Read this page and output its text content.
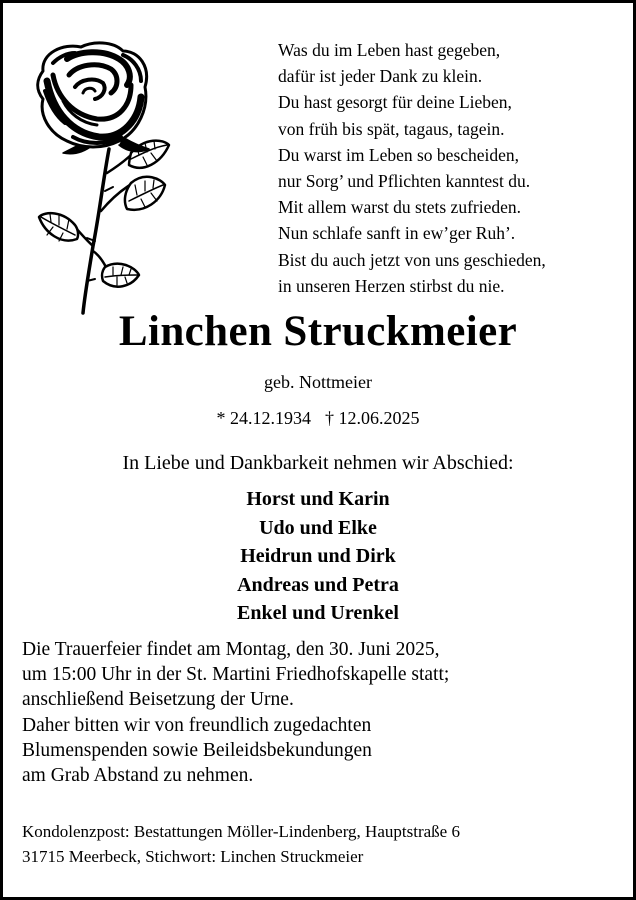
Was du im Leben hast gegeben,
dafür ist jeder Dank zu klein.
Du hast gesorgt für deine Lieben,
von früh bis spät, tagaus, tagein.
Du warst im Leben so bescheiden,
nur Sorg’ und Pflichten kanntest du.
Mit allem warst du stets zufrieden.
Nun schlafe sanft in ew’ger Ruh’.
Bist du auch jetzt von uns geschieden,
in unseren Herzen stirbst du nie.
Linchen Struckmeier
geb. Nottmeier
* 24.12.1934 † 12.06.2025
In Liebe und Dankbarkeit nehmen wir Abschied:
Horst und Karin
Udo und Elke
Heidrun und Dirk
Andreas und Petra
Enkel und Urenkel
Die Trauerfeier findet am Montag, den 30. Juni 2025,
um 15:00 Uhr in der St. Martini Friedhofskapelle statt;
anschließend Beisetzung der Urne.
Daher bitten wir von freundlich zugedachten
Blumenspenden sowie Beileidsbekundungen
am Grab Abstand zu nehmen.
Kondolenzpost: Bestattungen Möller-Lindenberg, Hauptstraße 6
31715 Meerbeck, Stichwort: Linchen Struckmeier
